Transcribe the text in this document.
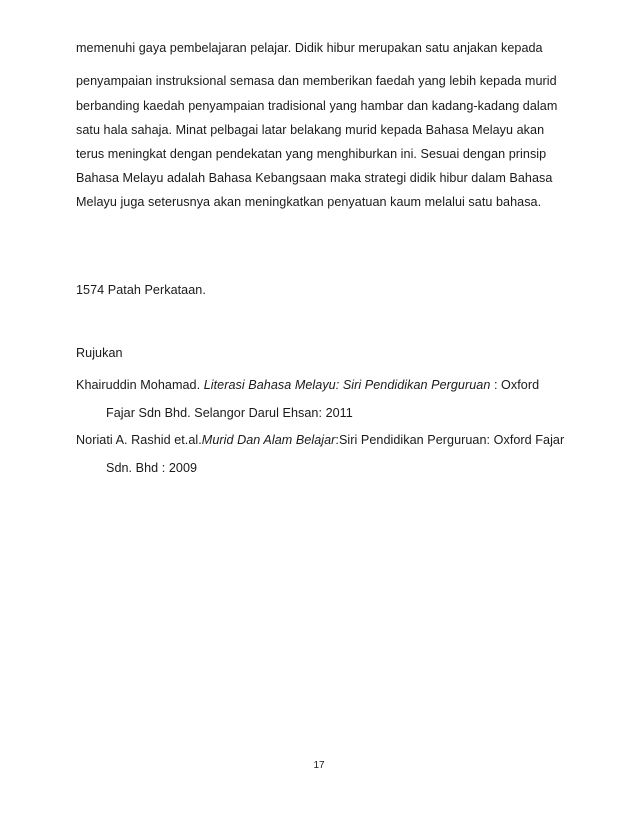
memenuhi gaya pembelajaran pelajar. Didik hibur merupakan satu anjakan kepada
penyampaian instruksional semasa dan memberikan faedah yang lebih kepada murid
berbanding kaedah penyampaian tradisional yang hambar dan kadang-kadang dalam
satu hala sahaja. Minat pelbagai latar belakang murid kepada Bahasa Melayu akan
terus meningkat dengan pendekatan yang menghiburkan ini. Sesuai dengan prinsip
Bahasa Melayu adalah Bahasa Kebangsaan maka strategi didik hibur dalam Bahasa
Melayu juga seterusnya akan meningkatkan penyatuan kaum melalui satu bahasa.
1574 Patah Perkataan.
Rujukan
Khairuddin Mohamad. Literasi Bahasa Melayu: Siri Pendidikan Perguruan : Oxford
Fajar Sdn Bhd. Selangor Darul Ehsan: 2011
Noriati A. Rashid et.al.Murid Dan Alam Belajar:Siri Pendidikan Perguruan: Oxford Fajar
Sdn. Bhd : 2009
17
